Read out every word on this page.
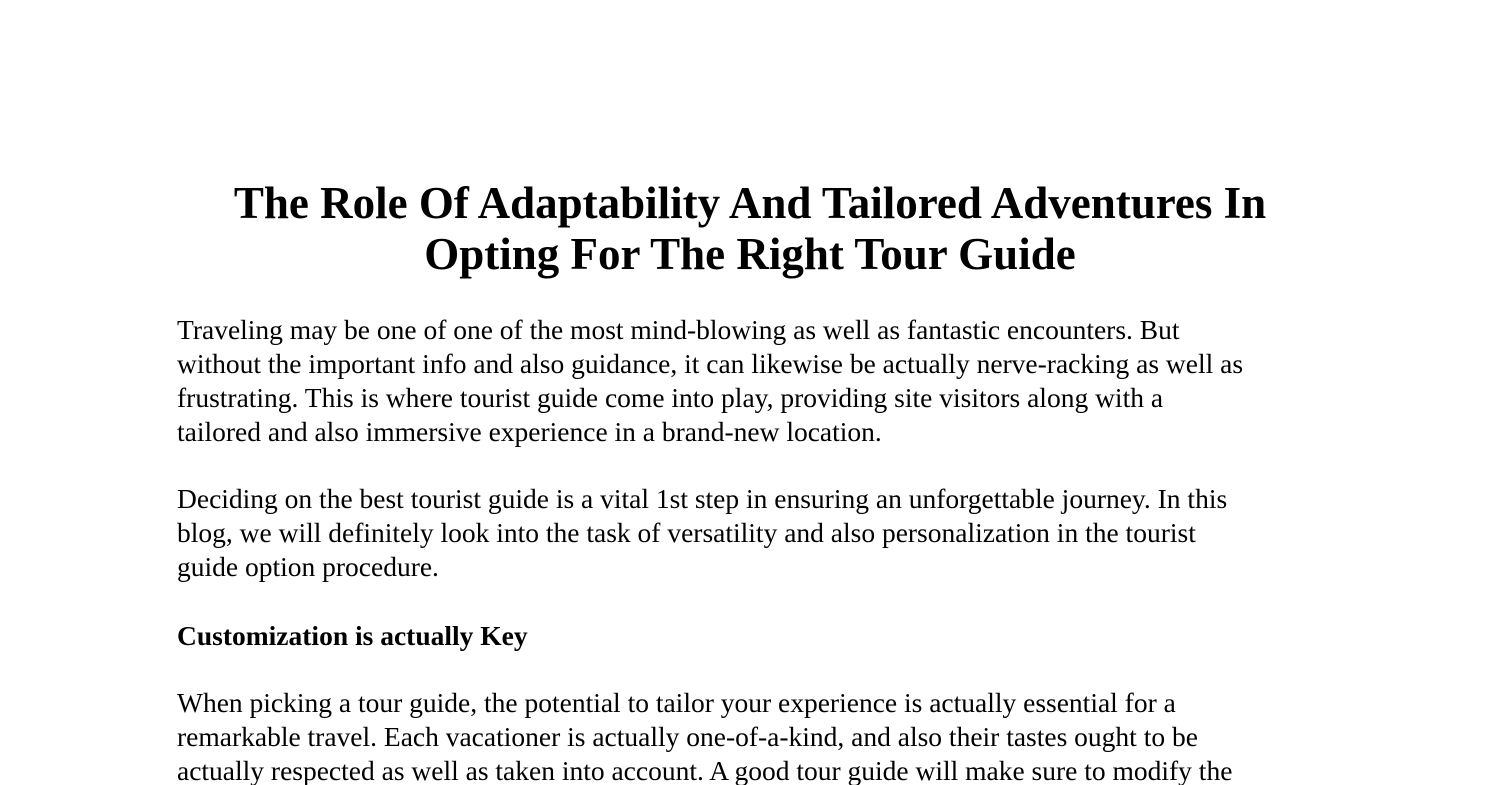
The Role Of Adaptability And Tailored Adventures In
Opting For The Right Tour Guide

Traveling may be one of one of the most mind-blowing as well as fantastic encounters. But
without the important info and also guidance, it can likewise be actually nerve-racking as well as
frustrating. This is where tourist guide come into play, providing site visitors along with a
tailored and also immersive experience in a brand-new location.

Deciding on the best tourist guide is a vital 1st step in ensuring an unforgettable journey. In this
blog, we will definitely look into the task of versatility and also personalization in the tourist
guide option procedure.

Customization is actually Key

When picking a tour guide, the potential to tailor your experience is actually essential for a
remarkable travel. Each vacationer is actually one-of-a-kind, and also their tastes ought to be
actually respected as well as taken into account. A good tour guide will make sure to modify the
